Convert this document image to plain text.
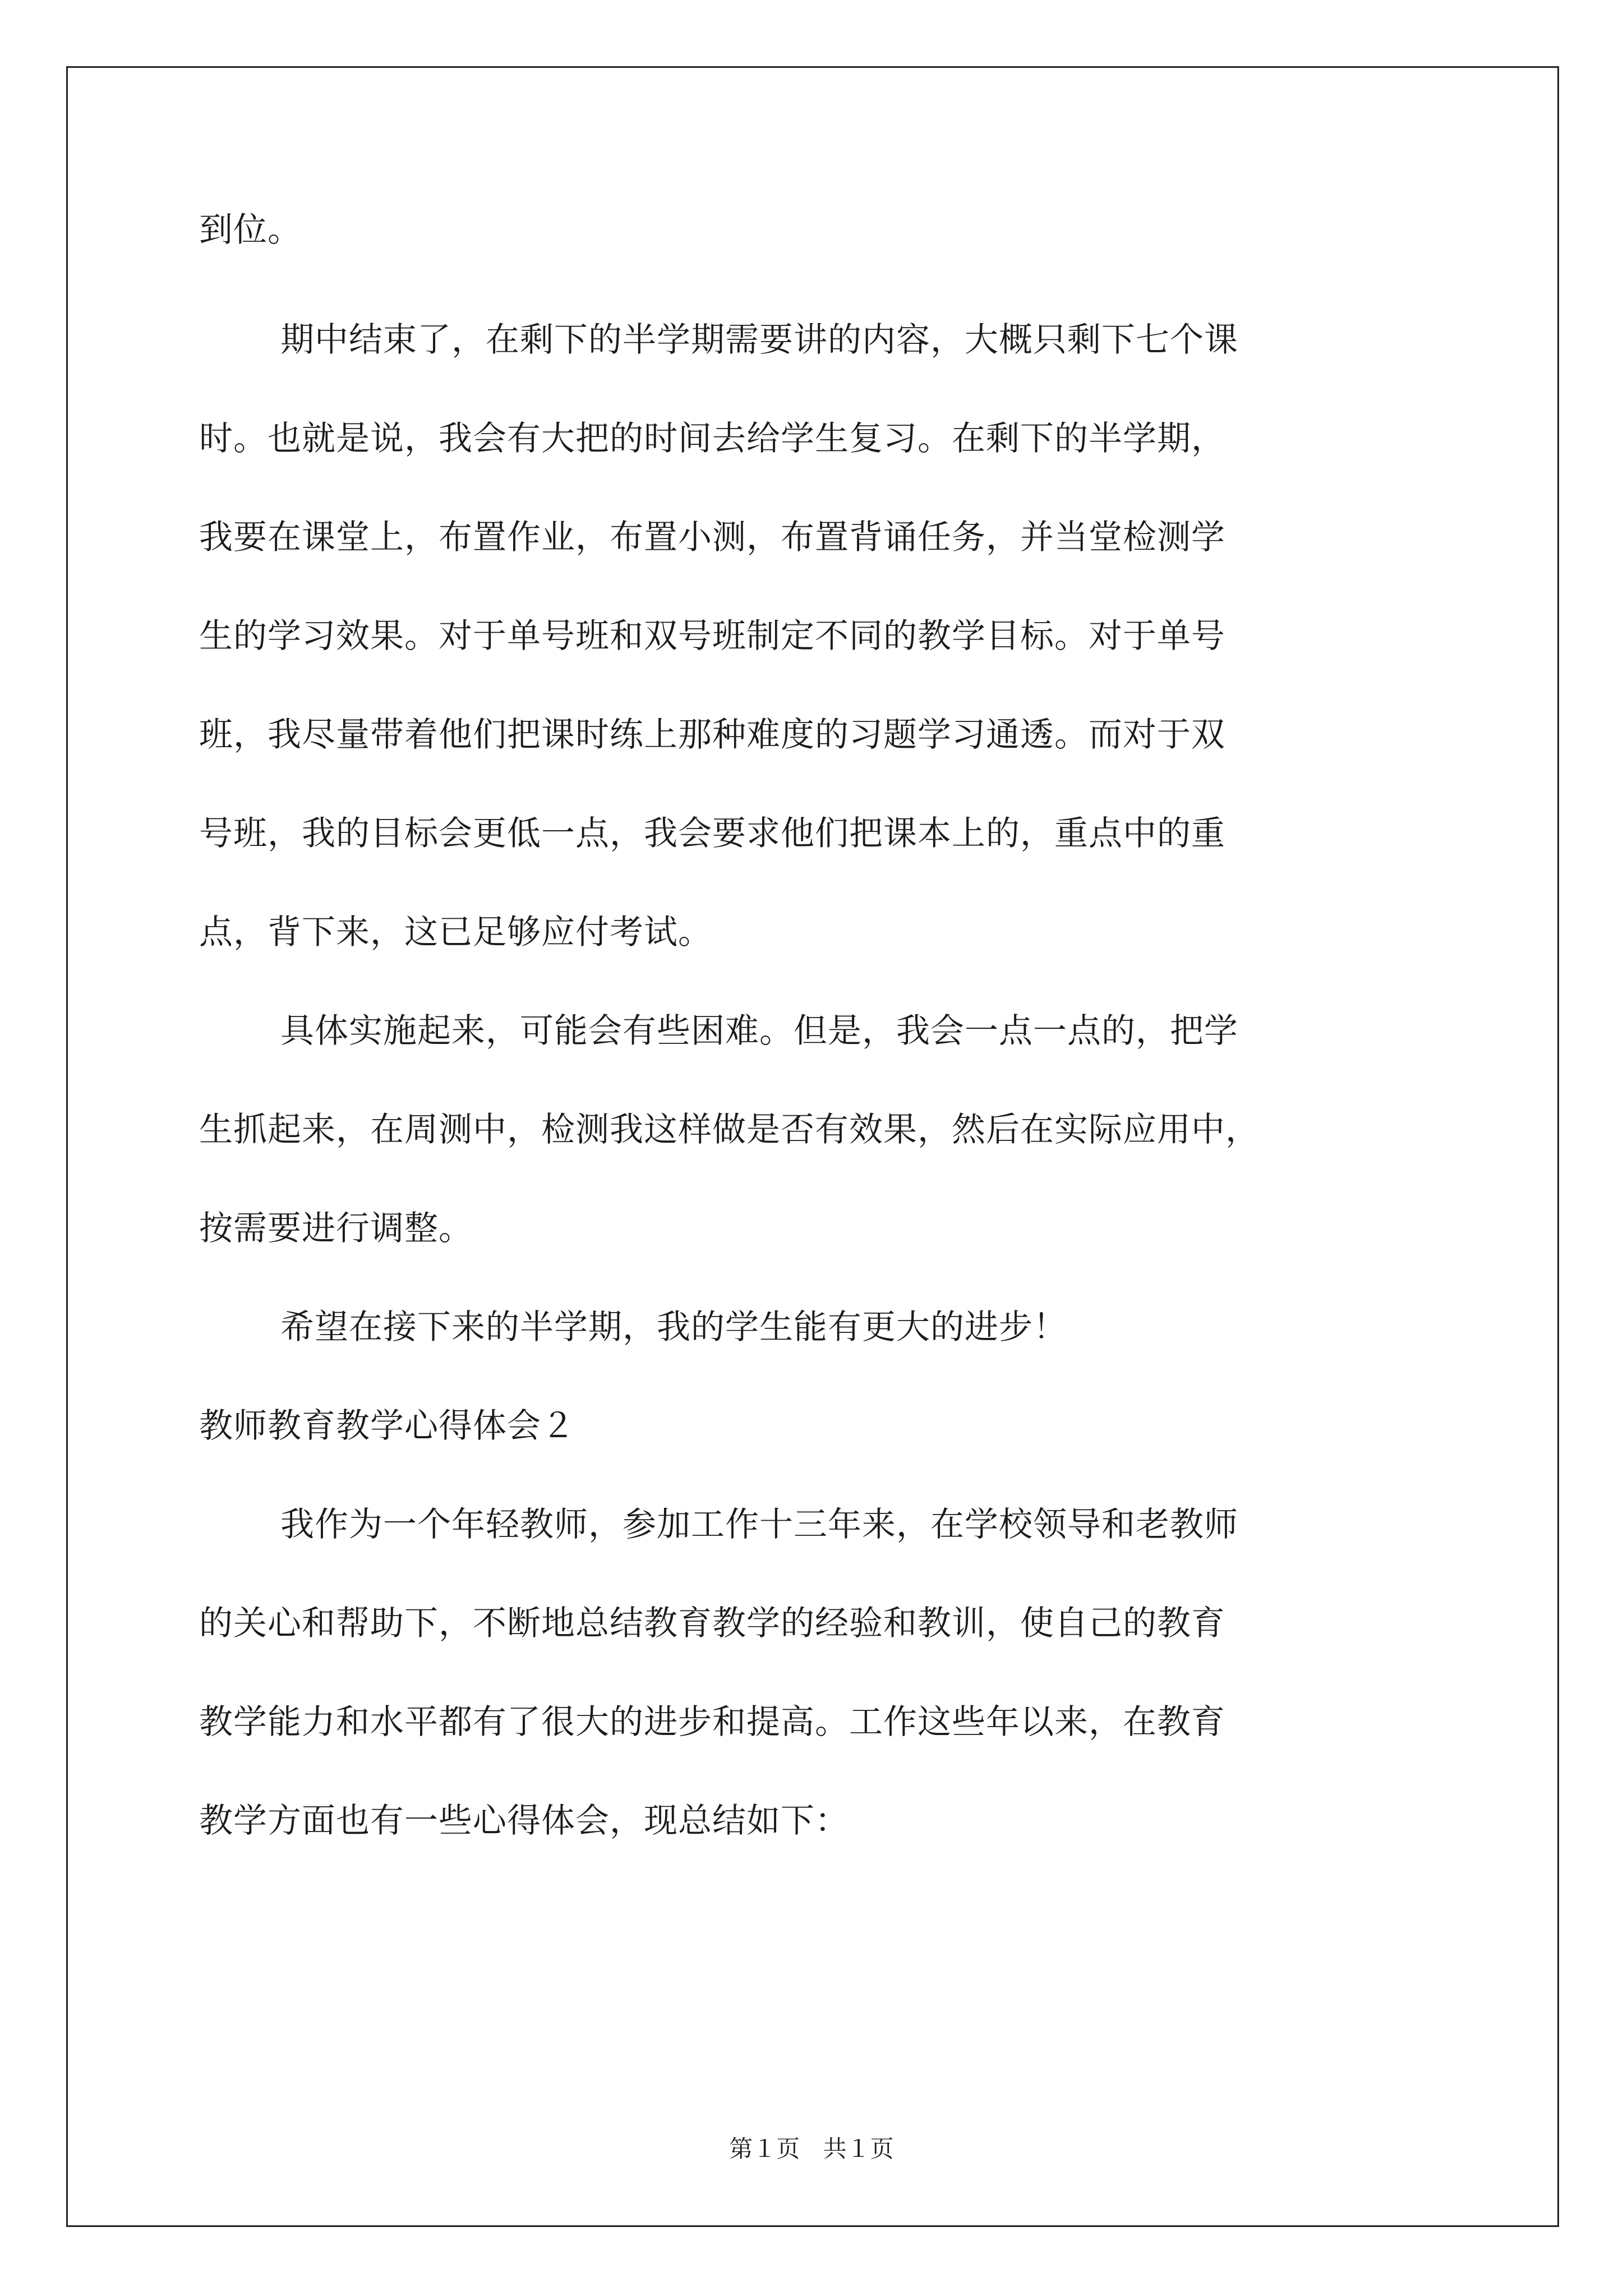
到位。
期中结束了，在剩下的半学期需要讲的内容，大概只剩下七个课
时。也就是说，我会有大把的时间去给学生复习。在剩下的半学期，
我要在课堂上，布置作业，布置小测，布置背诵任务，并当堂检测学
生的学习效果。对于单号班和双号班制定不同的教学目标。对于单号
班，我尽量带着他们把课时练上那种难度的习题学习通透。而对于双
号班，我的目标会更低一点，我会要求他们把课本上的，重点中的重
点，背下来，这已足够应付考试。
具体实施起来，可能会有些困难。但是，我会一点一点的，把学
生抓起来，在周测中，检测我这样做是否有效果，然后在实际应用中，
按需要进行调整。
希望在接下来的半学期，我的学生能有更大的进步！
教师教育教学心得体会２
我作为一个年轻教师，参加工作十三年来，在学校领导和老教师
的关心和帮助下，不断地总结教育教学的经验和教训，使自己的教育
教学能力和水平都有了很大的进步和提高。工作这些年以来，在教育
教学方面也有一些心得体会，现总结如下：
第１页 共１页
